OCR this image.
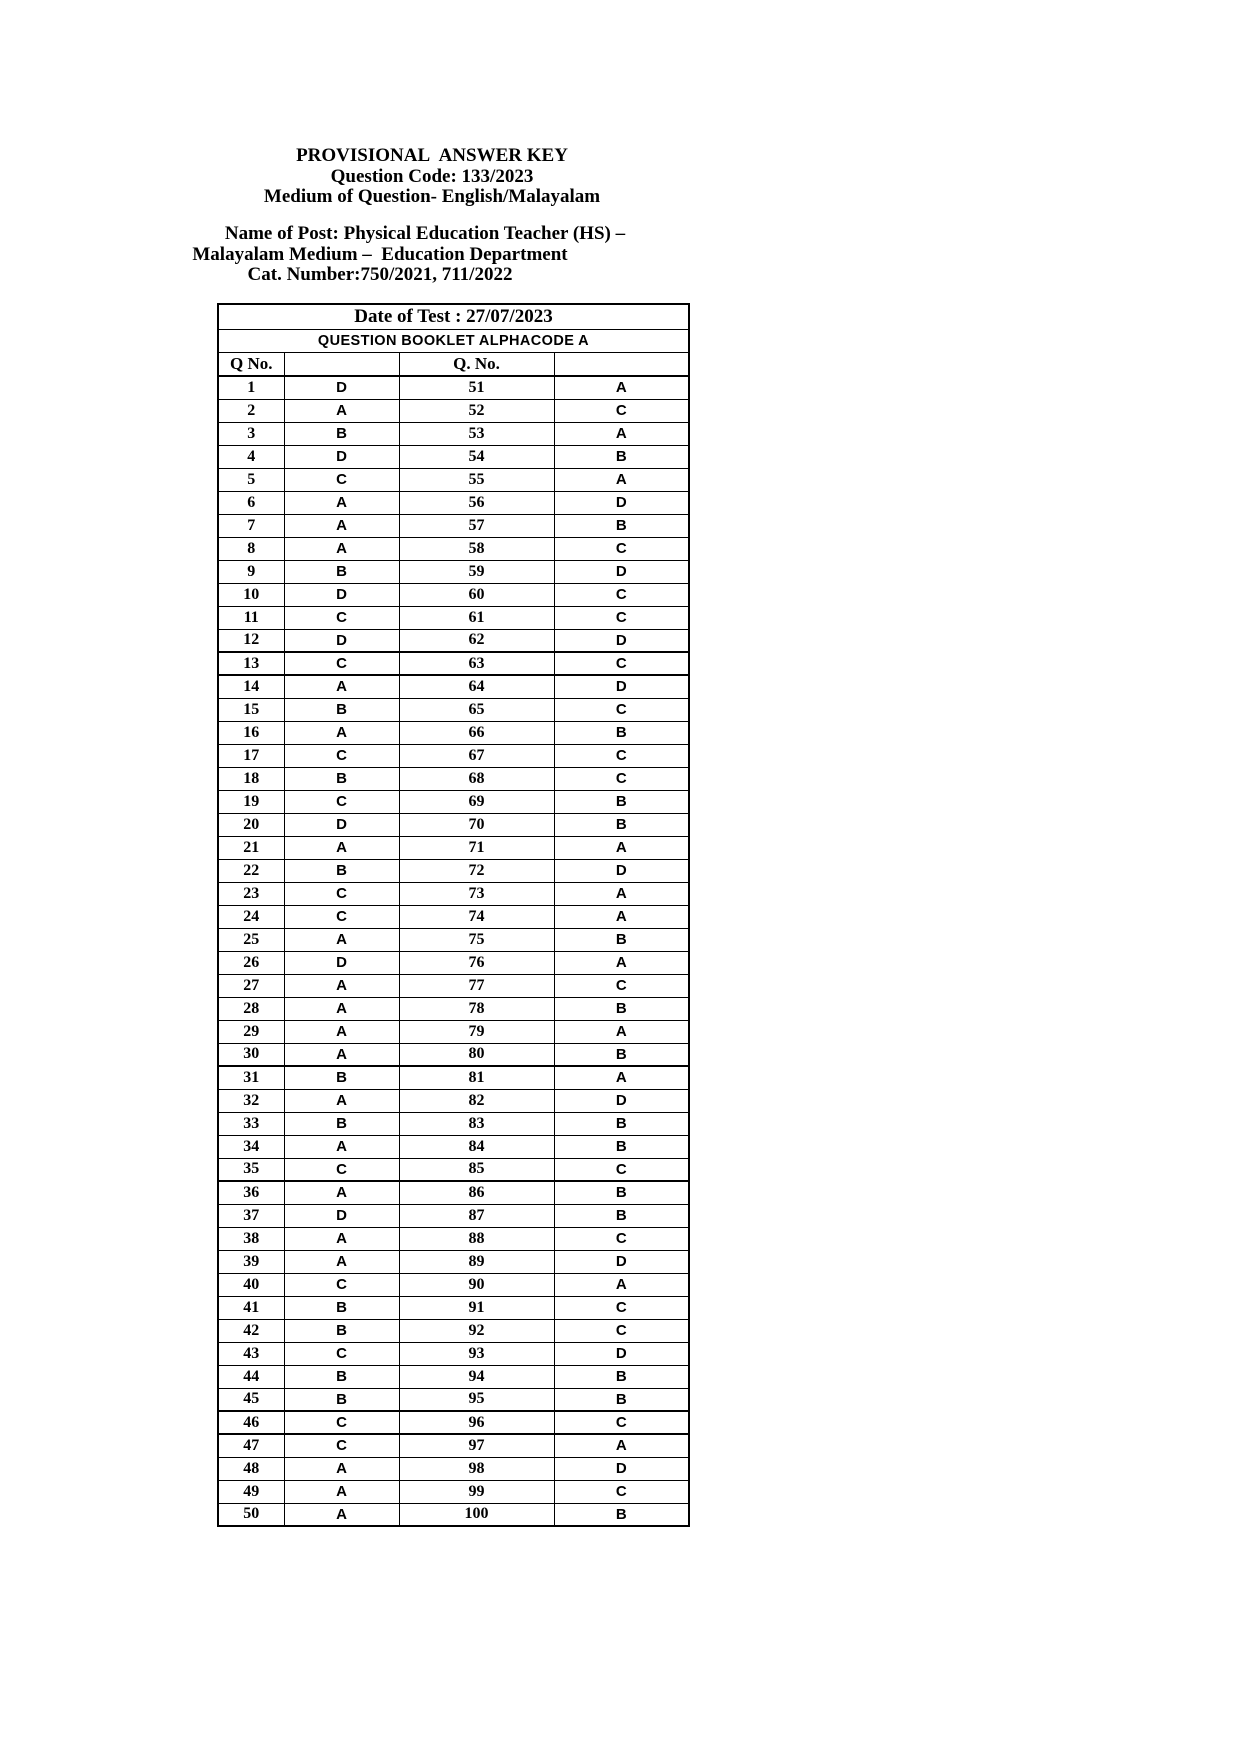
PROVISIONAL  ANSWER KEY
Question Code: 133/2023
Medium of Question- English/Malayalam
Name of Post: Physical Education Teacher (HS) –
Malayalam Medium –  Education Department
Cat. Number:750/2021, 711/2022
Date of Test : 27/07/2023			
QUESTION BOOKLET ALPHACODE A			
Q No.		Q. No.	
1	D	51	A
2	A	52	C
3	B	53	A
4	D	54	B
5	C	55	A
6	A	56	D
7	A	57	B
8	A	58	C
9	B	59	D
10	D	60	C
11	C	61	C
12	D	62	D
13	C	63	C
14	A	64	D
15	B	65	C
16	A	66	B
17	C	67	C
18	B	68	C
19	C	69	B
20	D	70	B
21	A	71	A
22	B	72	D
23	C	73	A
24	C	74	A
25	A	75	B
26	D	76	A
27	A	77	C
28	A	78	B
29	A	79	A
30	A	80	B
31	B	81	A
32	A	82	D
33	B	83	B
34	A	84	B
35	C	85	C
36	A	86	B
37	D	87	B
38	A	88	C
39	A	89	D
40	C	90	A
41	B	91	C
42	B	92	C
43	C	93	D
44	B	94	B
45	B	95	B
46	C	96	C
47	C	97	A
48	A	98	D
49	A	99	C
50	A	100	B
